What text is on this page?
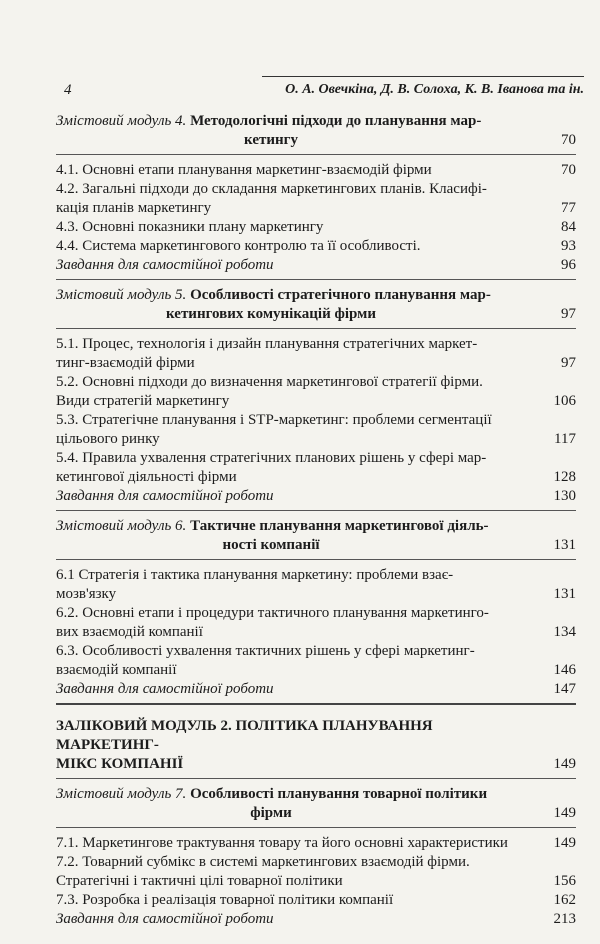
4	О. А. Овечкіна, Д. В. Солоха, К. В. Іванова та ін.
Змістовий модуль 4. Методологічні підходи до планування мар-
кетингу	70
4.1. Основні етапи планування маркетинг-взаємодій фірми	70
4.2. Загальні підходи до складання маркетингових планів. Класифі-
кація планів маркетингу	77
4.3. Основні показники плану маркетингу	84
4.4. Система маркетингового контролю та її особливості.	93
Завдання для самостійної роботи	96
Змістовий модуль 5. Особливості стратегічного планування мар-
кетингових комунікацій фірми	97
5.1. Процес, технологія і дизайн планування стратегічних маркет-
тинг-взаємодій фірми	97
5.2. Основні підходи до визначення маркетингової стратегії фірми.
Види стратегій маркетингу	106
5.3. Стратегічне планування і STP-маркетинг: проблеми сегментації
цільового ринку	117
5.4. Правила ухвалення стратегічних планових рішень у сфері мар-
кетингової діяльності фірми	128
Завдання для самостійної роботи	130
Змістовий модуль 6. Тактичне планування маркетингової діяль-
ності компанії	131
6.1 Стратегія і тактика планування маркетину: проблеми взає-
мозв'язку	131
6.2. Основні етапи і процедури тактичного планування маркетинго-
вих взаємодій компанії	134
6.3. Особливості ухвалення тактичних рішень у сфері маркетинг-
взаємодій компанії	146
Завдання для самостійної роботи	147
ЗАЛІКОВИЙ МОДУЛЬ 2. ПОЛІТИКА ПЛАНУВАННЯ МАРКЕТИНГ-
МІКС КОМПАНІЇ	149
Змістовий модуль 7. Особливості планування товарної політики
фірми	149
7.1. Маркетингове трактування товару та його основні характеристики	149
7.2. Товарний субмікс в системі маркетингових взаємодій фірми.
Стратегічні і тактичні цілі товарної політики	156
7.3. Розробка і реалізація товарної політики компанії	162
Завдання для самостійної роботи	213
